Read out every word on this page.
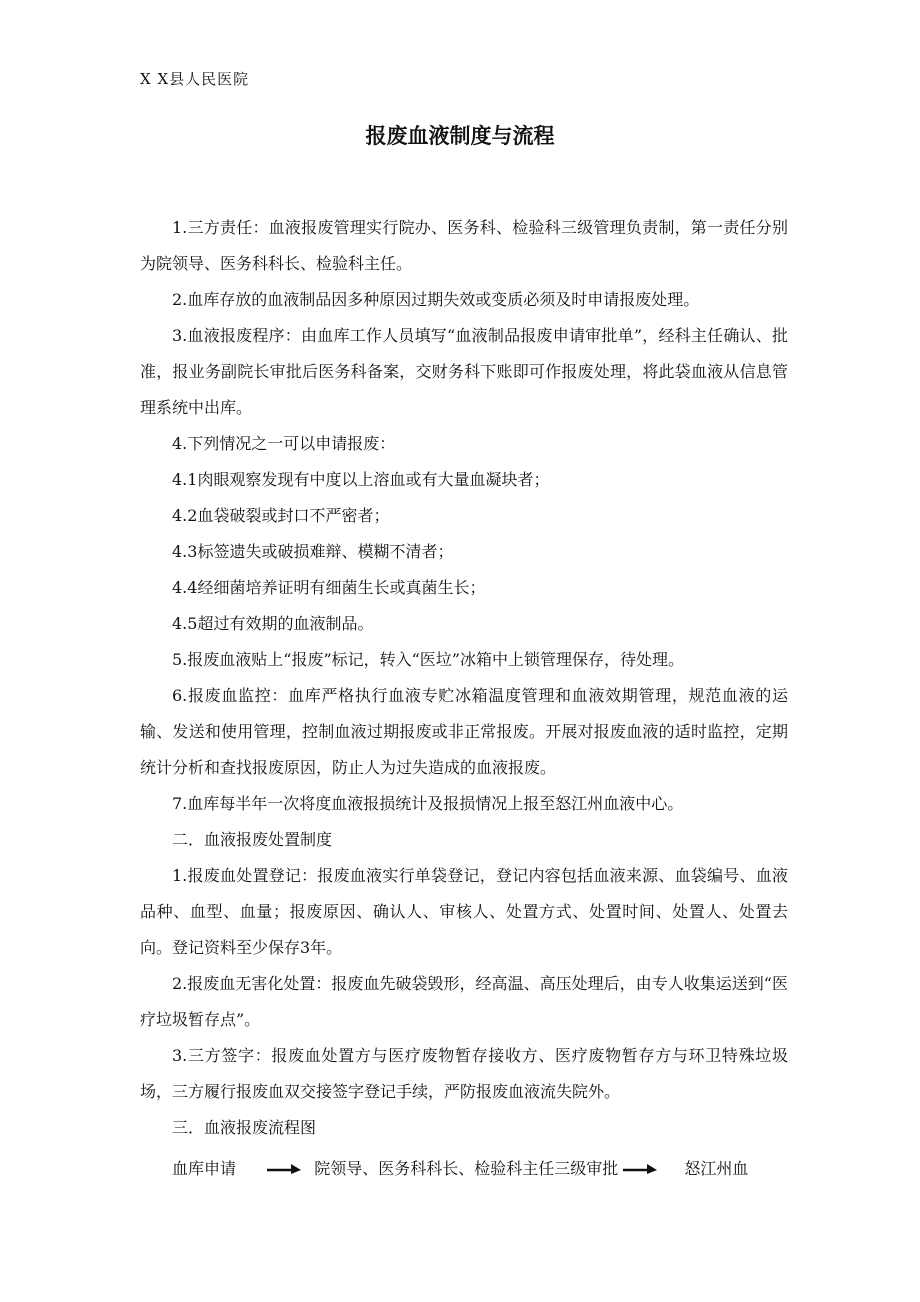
X X县人民医院
报废血液制度与流程

1.三方责任：血液报废管理实行院办、医务科、检验科三级管理负责制，第一责任分别为院领导、医务科科长、检验科主任。

2.血库存放的血液制品因多种原因过期失效或变质必须及时申请报废处理。

3.血液报废程序：由血库工作人员填写“血液制品报废申请审批单”，经科主任确认、批准，报业务副院长审批后医务科备案，交财务科下账即可作报废处理，将此袋血液从信息管理系统中出库。

4.下列情况之一可以申请报废：

4.1肉眼观察发现有中度以上溶血或有大量血凝块者；

4.2血袋破裂或封口不严密者；

4.3标签遗失或破损难辩、模糊不清者；

4.4经细菌培养证明有细菌生长或真菌生长；

4.5超过有效期的血液制品。

5.报废血液贴上“报废”标记，转入“医垃”冰箱中上锁管理保存，待处理。

6.报废血监控：血库严格执行血液专贮冰箱温度管理和血液效期管理，规范血液的运输、发送和使用管理，控制血液过期报废或非正常报废。开展对报废血液的适时监控，定期统计分析和查找报废原因，防止人为过失造成的血液报废。

7.血库每半年一次将度血液报损统计及报损情况上报至怒江州血液中心。

二．血液报废处置制度

1.报废血处置登记：报废血液实行单袋登记，登记内容包括血液来源、血袋编号、血液品种、血型、血量；报废原因、确认人、审核人、处置方式、处置时间、处置人、处置去向。登记资料至少保存3年。

2.报废血无害化处置：报废血先破袋毁形，经高温、高压处理后，由专人收集运送到“医疗垃圾暂存点”。

3.三方签字：报废血处置方与医疗废物暂存接收方、医疗废物暂存方与环卫特殊垃圾场，三方履行报废血双交接签字登记手续，严防报废血液流失院外。

三．血液报废流程图

血库申请	院领导、医务科科长、检验科主任三级审批	怒江州血
